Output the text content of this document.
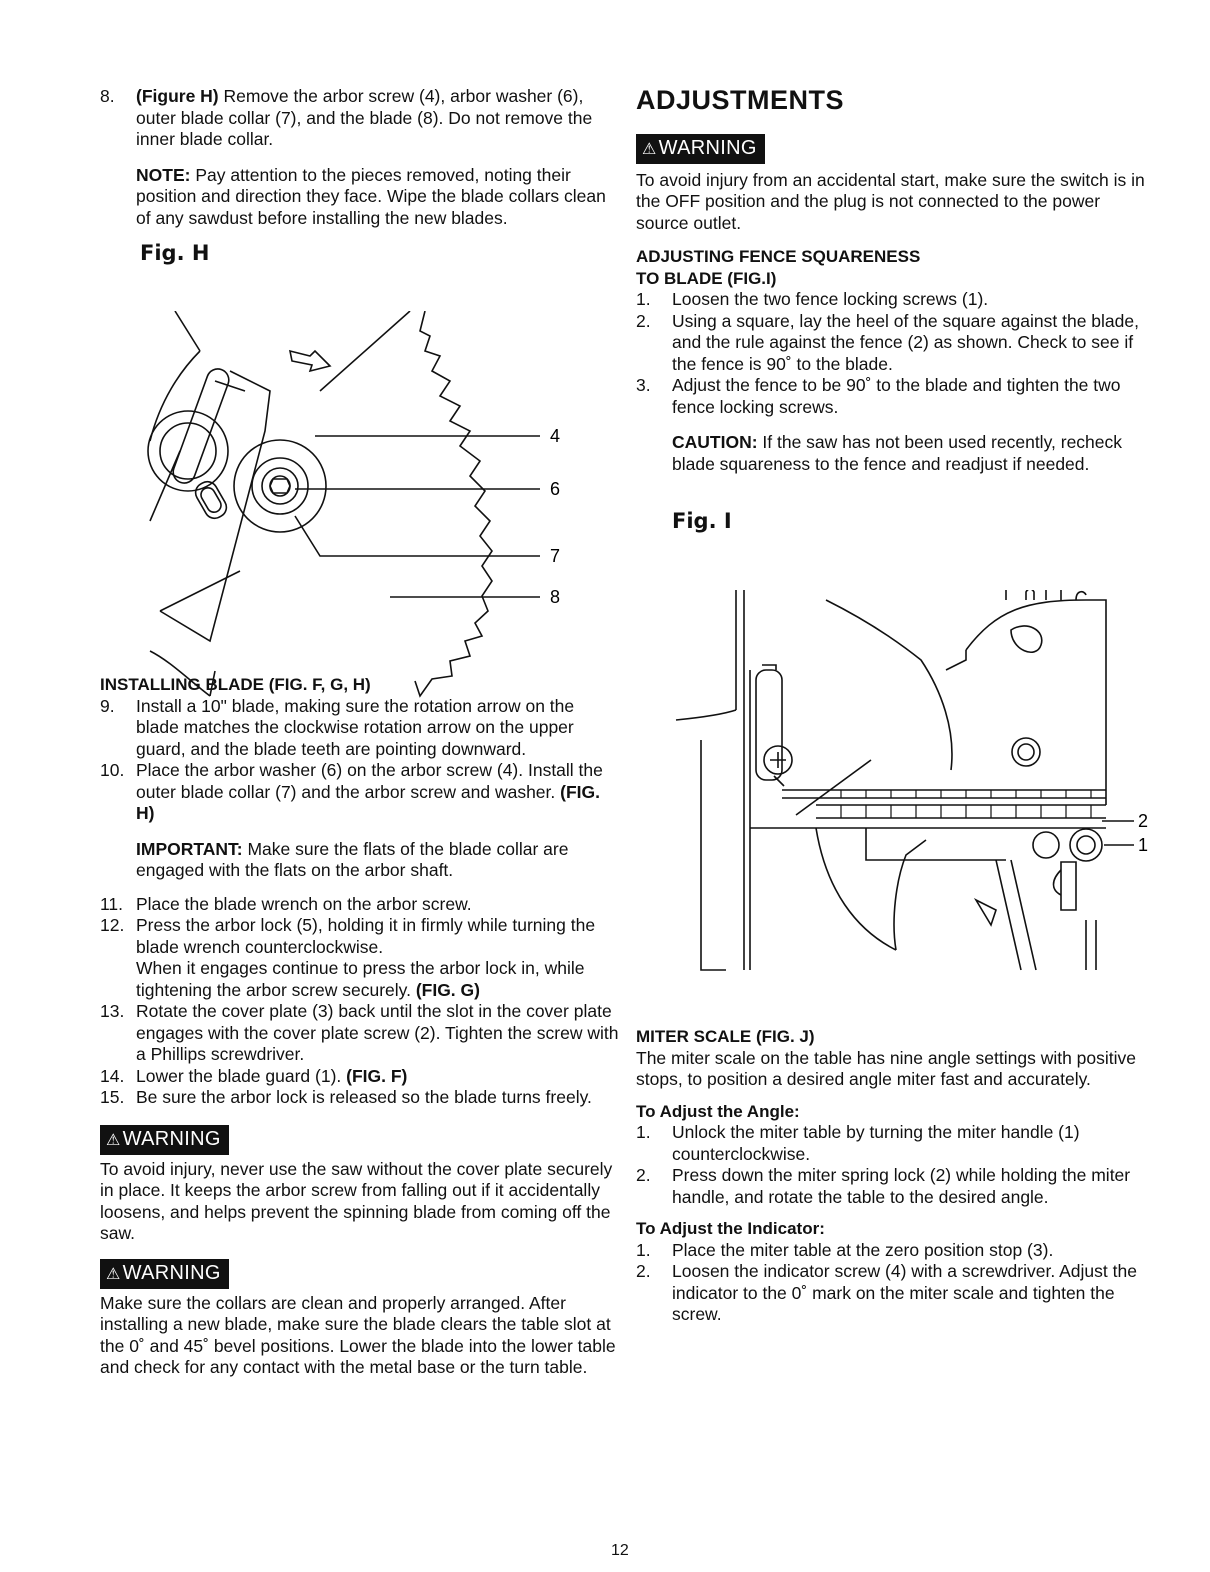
8.	(Figure H) Remove the arbor screw (4), arbor washer (6), outer blade collar (7), and the blade (8). Do not remove the inner blade collar.
NOTE: Pay attention to the pieces removed, noting their position and direction they face. Wipe the blade collars clean of any sawdust before installing the new blades.
Fig. H
4
6
7
8
INSTALLING BLADE (FIG. F, G, H)
9.	Install a 10" blade, making sure the rotation arrow on the blade matches the clockwise rotation arrow on the upper guard, and the blade teeth are pointing downward.
10. Place the arbor washer (6) on the arbor screw (4). Install the outer blade collar (7) and the arbor screw and washer. (FIG. H)
IMPORTANT: Make sure the flats of the blade collar are engaged with the flats on the arbor shaft.
11. Place the blade wrench on the arbor screw.
12. Press the arbor lock (5), holding it in firmly while turning the blade wrench counterclockwise.
When it engages continue to press the arbor lock in, while tightening the arbor screw securely. (FIG. G)
13. Rotate the cover plate (3) back until the slot in the cover plate engages with the cover plate screw (2). Tighten the screw with a Phillips screwdriver.
14. Lower the blade guard (1). (FIG. F)
15. Be sure the arbor lock is released so the blade turns freely.
⚠ WARNING
To avoid injury, never use the saw without the cover plate securely in place. It keeps the arbor screw from falling out if it accidentally loosens, and helps prevent the spinning blade from coming off the saw.
⚠ WARNING
Make sure the collars are clean and properly arranged. After installing a new blade, make sure the blade clears the table slot at the 0˚ and 45˚ bevel positions. Lower the blade into the lower table and check for any contact with the metal base or the turn table.
ADJUSTMENTS
⚠ WARNING
To avoid injury from an accidental start, make sure the switch is in the OFF position and the plug is not connected to the power source outlet.
ADJUSTING FENCE SQUARENESS
TO BLADE (FIG.I)
1.	Loosen the two fence locking screws (1).
2.	Using a square, lay the heel of the square against the blade, and the rule against the fence (2) as shown. Check to see if the fence is 90˚ to the blade.
3.	Adjust the fence to be 90˚ to the blade and tighten the two fence locking screws.
CAUTION: If the saw has not been used recently, recheck blade squareness to the fence and readjust if needed.
Fig. I
2
1
MITER SCALE (FIG. J)
The miter scale on the table has nine angle settings with positive stops, to position a desired angle miter fast and accurately.
To Adjust the Angle:
1.	Unlock the miter table by turning the miter handle (1) counterclockwise.
2.	Press down the miter spring lock (2) while holding the miter handle, and rotate the table to the desired angle.
To Adjust the Indicator:
1.	Place the miter table at the zero position stop (3).
2.	Loosen the indicator screw (4) with a screwdriver. Adjust the indicator to the 0˚ mark on the miter scale and tighten the screw.
12
